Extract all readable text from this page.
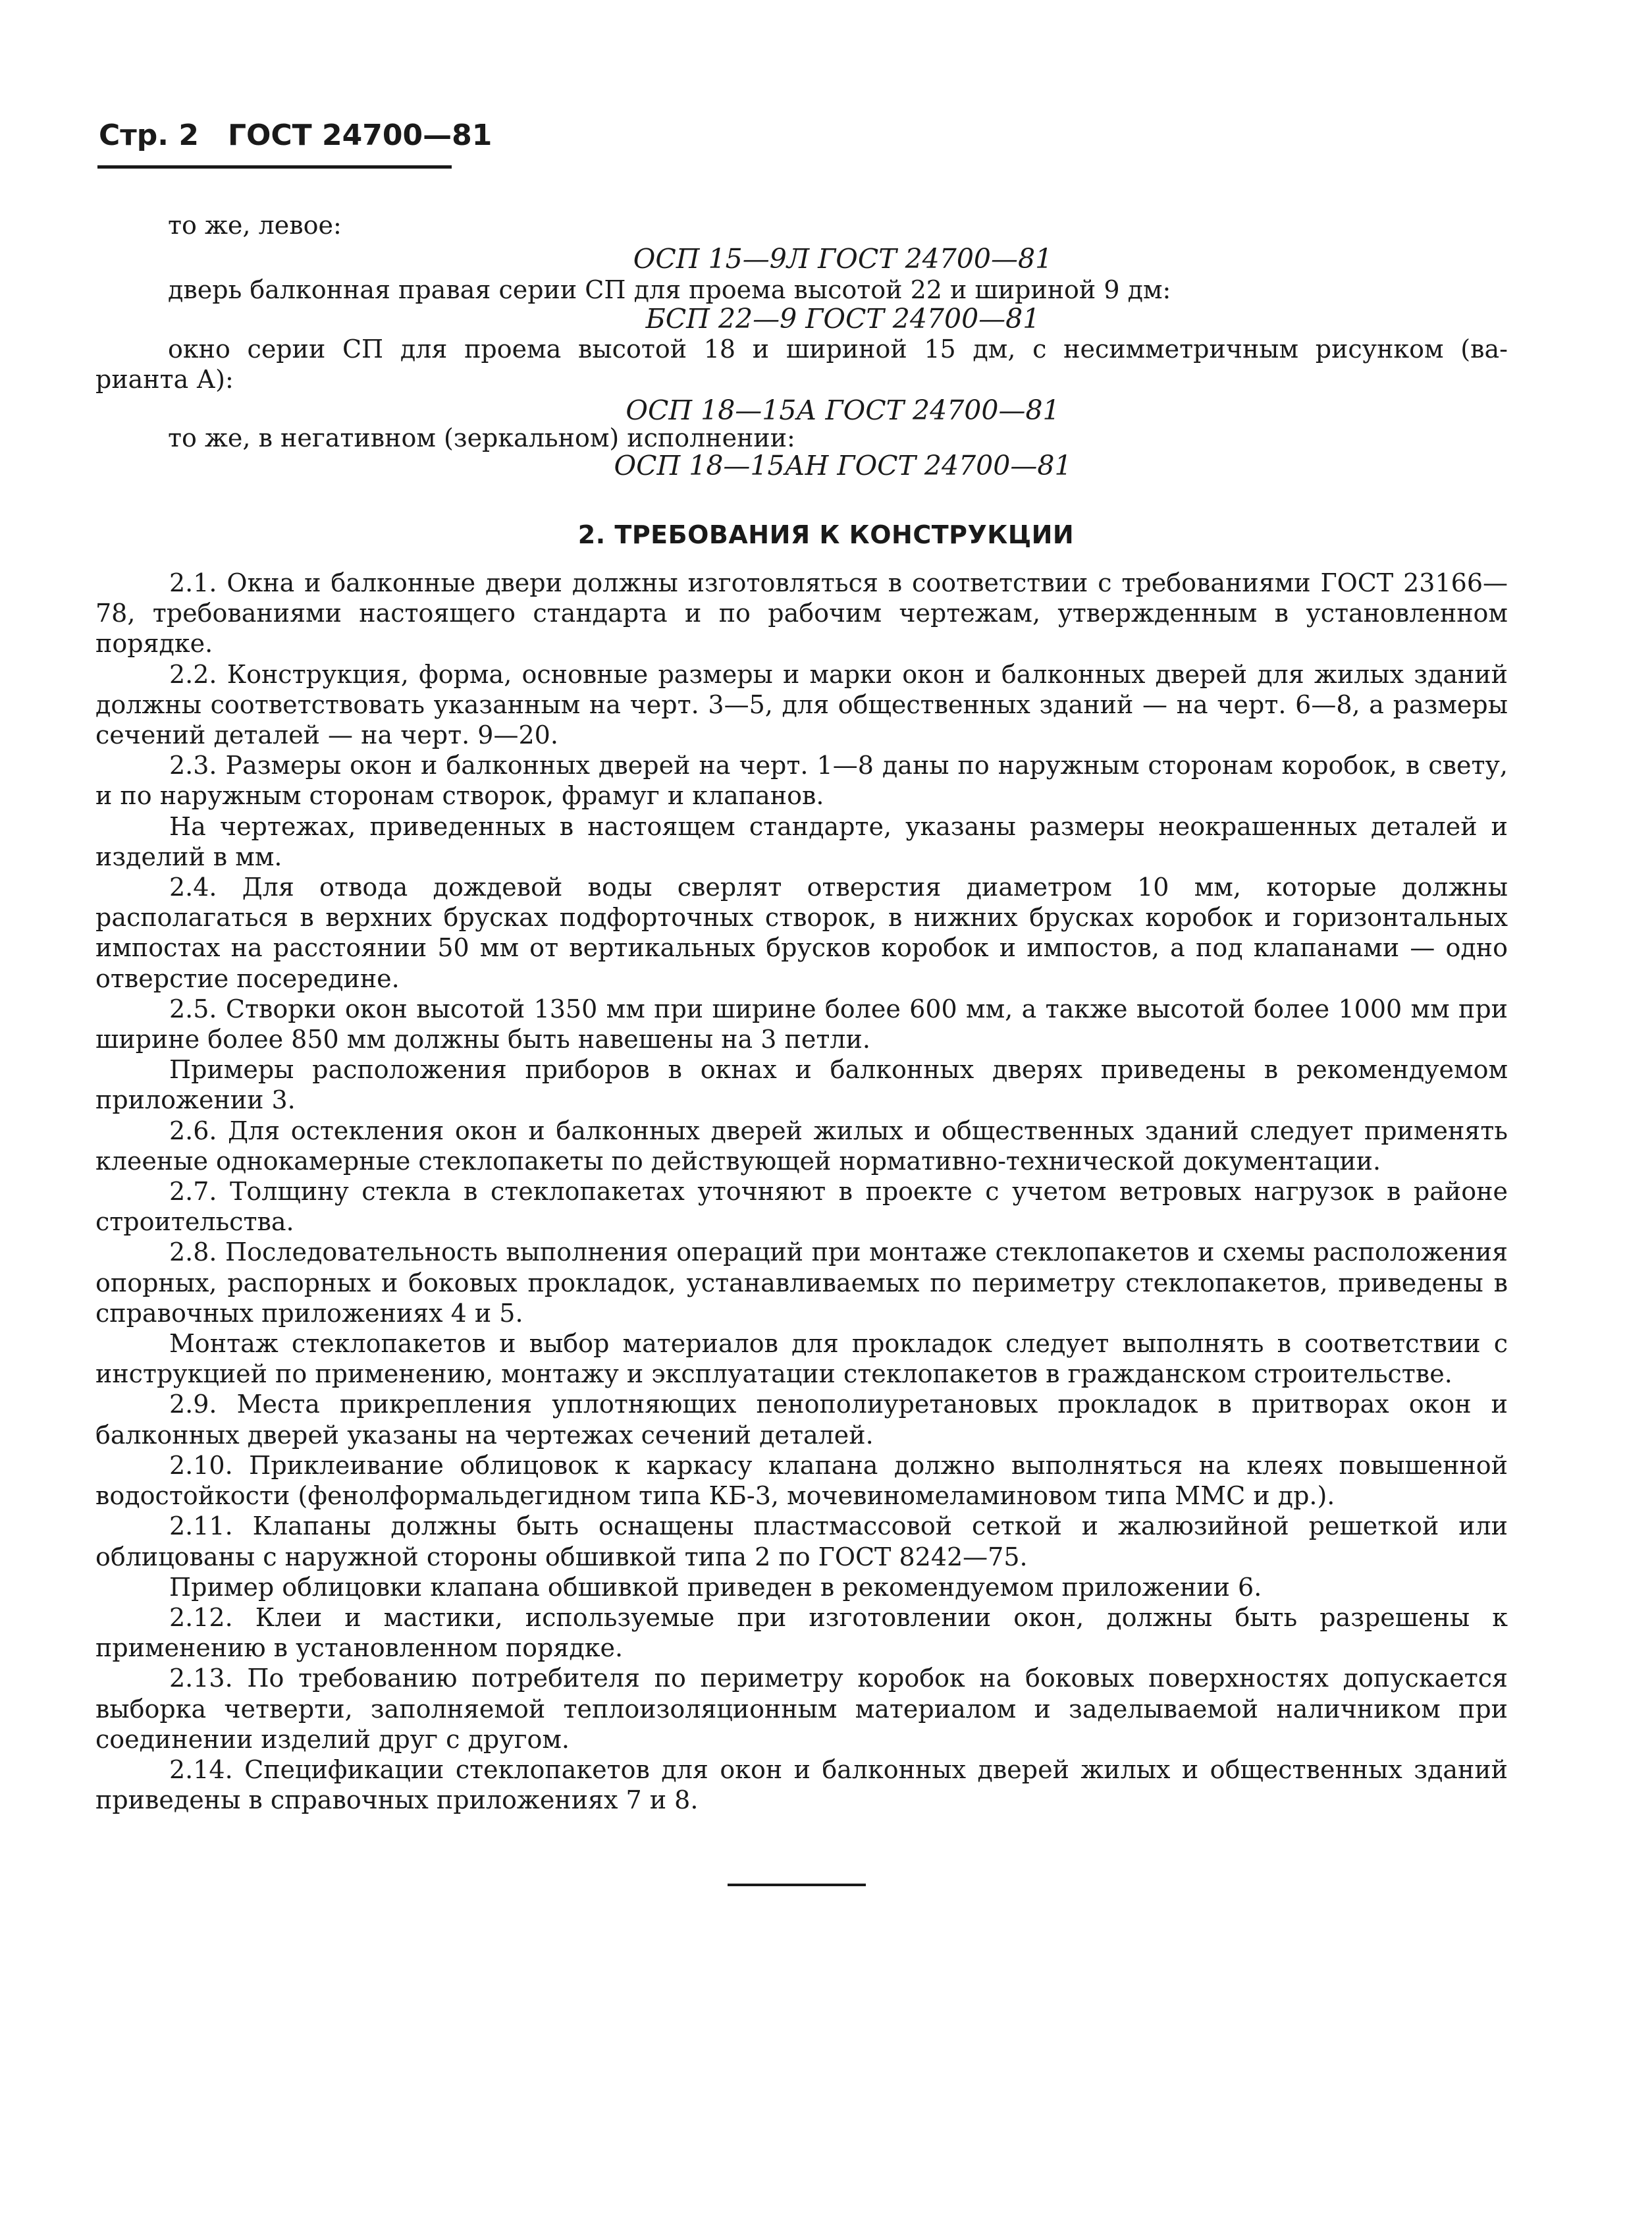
Стр. 2 ГОСТ 24700—81
то же, левое:
ОСП 15—9Л ГОСТ 24700—81
дверь балконная правая серии СП для проема высотой 22 и шириной 9 дм:
БСП 22—9 ГОСТ 24700—81
окно серии СП для проема высотой 18 и шириной 15 дм, с несимметричным рисунком (ва-
рианта А):
ОСП 18—15А ГОСТ 24700—81
то же, в негативном (зеркальном) исполнении:
ОСП 18—15АН ГОСТ 24700—81
2. ТРЕБОВАНИЯ К КОНСТРУКЦИИ

2.1. Окна и балконные двери должны изготовляться в соответствии с требованиями ГОСТ 23166—78, требованиями настоящего стандарта и по рабочим чертежам, утвержденным в установленном порядке.

2.2. Конструкция, форма, основные размеры и марки окон и балконных дверей для жилых зданий должны соответствовать указанным на черт. 3—5, для общественных зданий — на черт. 6—8, а размеры сечений деталей — на черт. 9—20.

2.3. Размеры окон и балконных дверей на черт. 1—8 даны по наружным сторонам коробок, в свету, и по наружным сторонам створок, фрамуг и клапанов.

На чертежах, приведенных в настоящем стандарте, указаны размеры неокрашенных деталей и изделий в мм.

2.4. Для отвода дождевой воды сверлят отверстия диаметром 10 мм, которые должны располагаться в верхних брусках подфорточных створок, в нижних брусках коробок и горизонтальных импостах на расстоянии 50 мм от вертикальных брусков коробок и импостов, а под клапанами — одно отверстие посередине.

2.5. Створки окон высотой 1350 мм при ширине более 600 мм, а также высотой более 1000 мм при ширине более 850 мм должны быть навешены на 3 петли.

Примеры расположения приборов в окнах и балконных дверях приведены в рекомендуемом приложении 3.

2.6. Для остекления окон и балконных дверей жилых и общественных зданий следует применять клееные однокамерные стеклопакеты по действующей нормативно-технической документации.

2.7. Толщину стекла в стеклопакетах уточняют в проекте с учетом ветровых нагрузок в районе строительства.

2.8. Последовательность выполнения операций при монтаже стеклопакетов и схемы расположения опорных, распорных и боковых прокладок, устанавливаемых по периметру стеклопакетов, приведены в справочных приложениях 4 и 5.

Монтаж стеклопакетов и выбор материалов для прокладок следует выполнять в соответствии с инструкцией по применению, монтажу и эксплуатации стеклопакетов в гражданском строительстве.

2.9. Места прикрепления уплотняющих пенополиуретановых прокладок в притворах окон и балконных дверей указаны на чертежах сечений деталей.

2.10. Приклеивание облицовок к каркасу клапана должно выполняться на клеях повышенной водостойкости (фенолформальдегидном типа КБ-3, мочевиномеламиновом типа ММС и др.).

2.11. Клапаны должны быть оснащены пластмассовой сеткой и жалюзийной решеткой или облицованы с наружной стороны обшивкой типа 2 по ГОСТ 8242—75.

Пример облицовки клапана обшивкой приведен в рекомендуемом приложении 6.

2.12. Клеи и мастики, используемые при изготовлении окон, должны быть разрешены к применению в установленном порядке.

2.13. По требованию потребителя по периметру коробок на боковых поверхностях допускается выборка четверти, заполняемой теплоизоляционным материалом и заделываемой наличником при соединении изделий друг с другом.

2.14. Спецификации стеклопакетов для окон и балконных дверей жилых и общественных зданий приведены в справочных приложениях 7 и 8.
